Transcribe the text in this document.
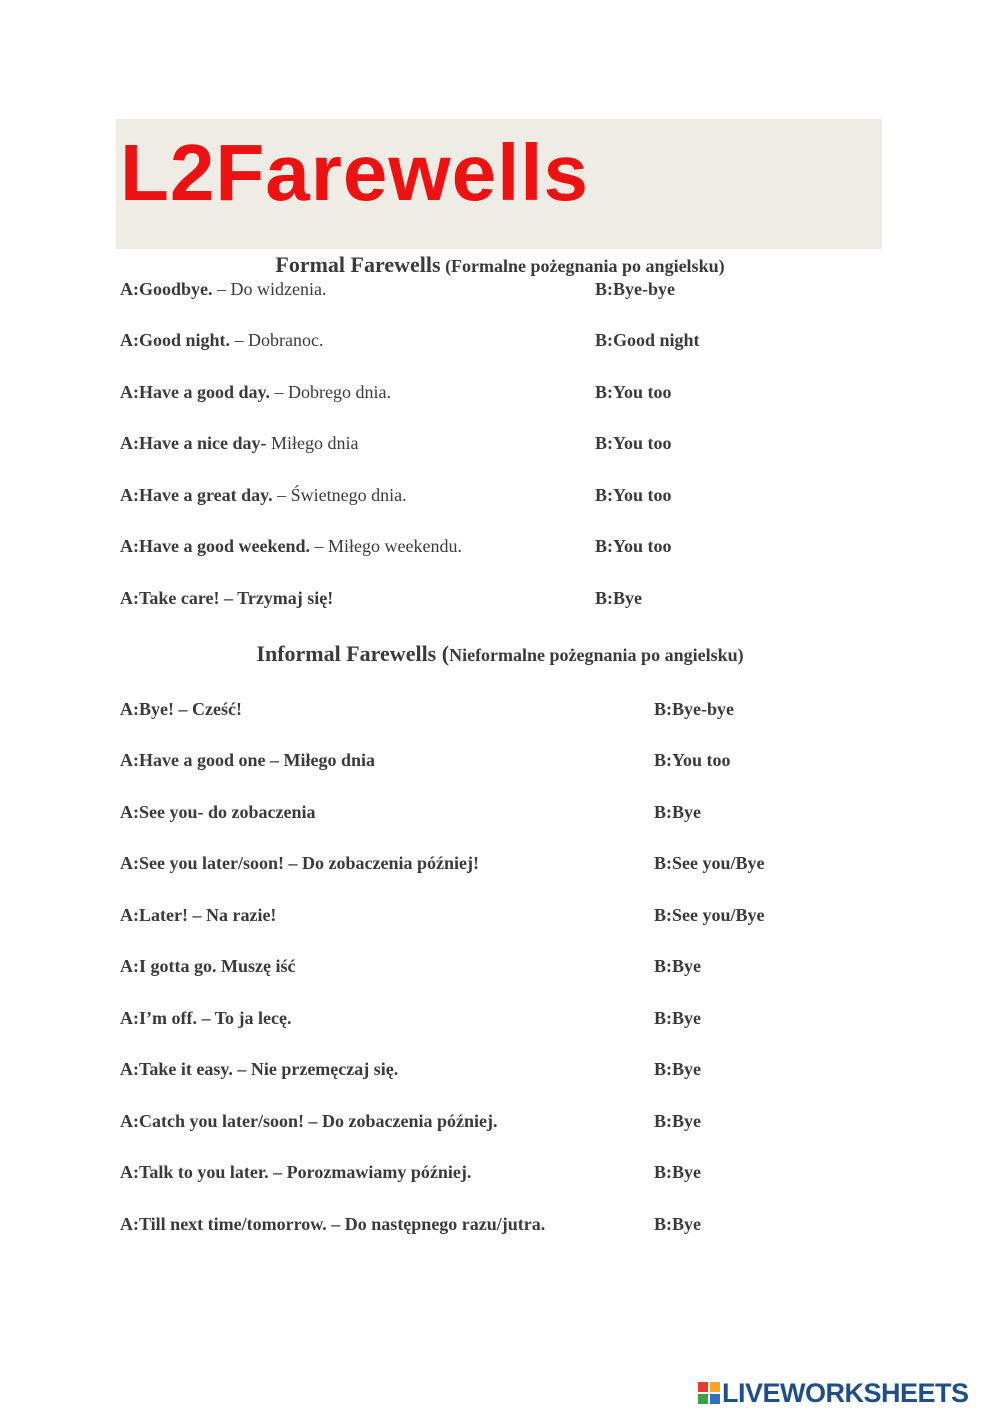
L2Farewells
Formal Farewells (Formalne pożegnania po angielsku)
A:Goodbye. – Do widzenia.	B:Bye-bye
A:Good night. – Dobranoc.	B:Good night
A:Have a good day. – Dobrego dnia.	B:You too
A:Have a nice day- Miłego dnia	B:You too
A:Have a great day. – Świetnego dnia.	B:You too
A:Have a good weekend. – Miłego weekendu.	B:You too
A:Take care! – Trzymaj się!	B:Bye
Informal Farewells (Nieformalne pożegnania po angielsku)
A:Bye! – Cześć!	B:Bye-bye
A:Have a good one – Miłego dnia	B:You too
A:See you- do zobaczenia	B:Bye
A:See you later/soon! – Do zobaczenia później!	B:See you/Bye
A:Later! – Na razie!	B:See you/Bye
A:I gotta go. Muszę iść	B:Bye
A:I’m off. – To ja lecę.	B:Bye
A:Take it easy. – Nie przemęczaj się.	B:Bye
A:Catch you later/soon! – Do zobaczenia później.	B:Bye
A:Talk to you later. – Porozmawiamy później.	B:Bye
A:Till next time/tomorrow. – Do następnego razu/jutra.	B:Bye
LIVEWORKSHEETS
